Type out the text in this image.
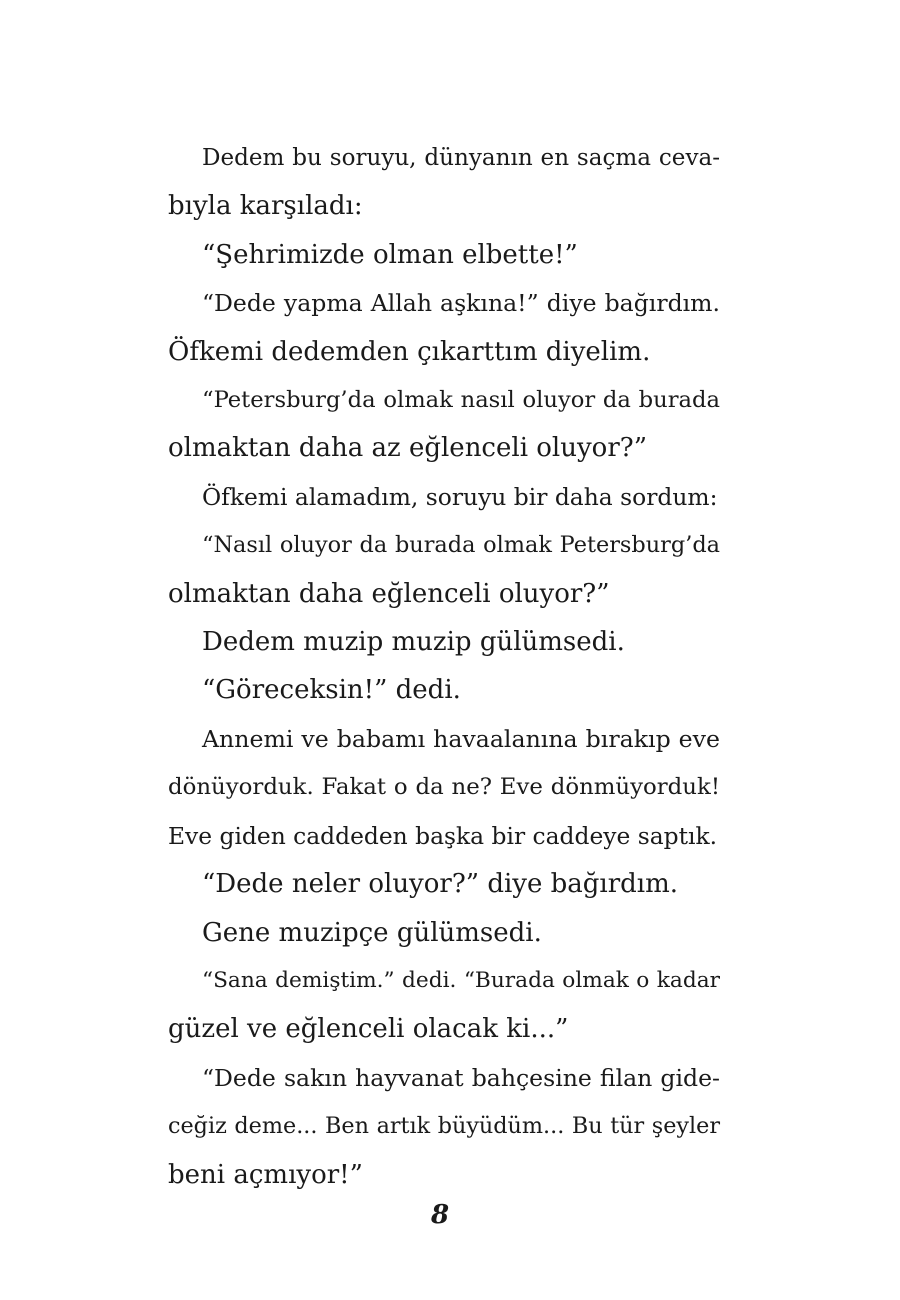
Dedem bu soruyu, dünyanın en saçma ceva-
bıyla karşıladı:

“Şehrimizde olman elbette!”

“Dede yapma Allah aşkına!” diye bağırdım.
Öfkemi dedemden çıkarttım diyelim.

“Petersburg’da olmak nasıl oluyor da burada
olmaktan daha az eğlenceli oluyor?”

Öfkemi alamadım, soruyu bir daha sordum:

“Nasıl oluyor da burada olmak Petersburg’da
olmaktan daha eğlenceli oluyor?”

Dedem muzip muzip gülümsedi.

“Göreceksin!” dedi.

Annemi ve babamı havaalanına bırakıp eve
dönüyorduk. Fakat o da ne? Eve dönmüyorduk!
Eve giden caddeden başka bir caddeye saptık.

“Dede neler oluyor?” diye bağırdım.

Gene muzipçe gülümsedi.

“Sana demiştim.” dedi. “Burada olmak o kadar
güzel ve eğlenceli olacak ki...”

“Dede sakın hayvanat bahçesine filan gide-
ceğiz deme... Ben artık büyüdüm... Bu tür şeyler
beni açmıyor!”

8
